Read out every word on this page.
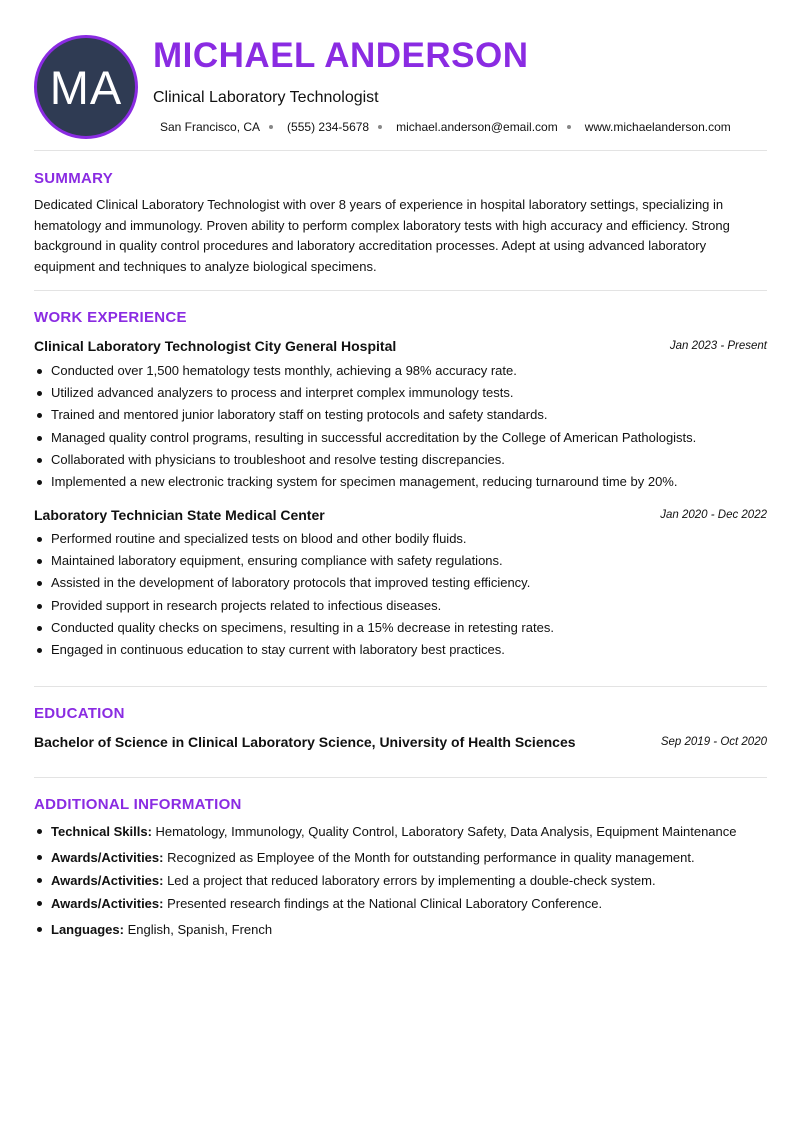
MA
MICHAEL ANDERSON
Clinical Laboratory Technologist
San Francisco, CA (555) 234-5678 michael.anderson@email.com www.michaelanderson.com
SUMMARY
Dedicated Clinical Laboratory Technologist with over 8 years of experience in hospital laboratory settings, specializing in hematology and immunology. Proven ability to perform complex laboratory tests with high accuracy and efficiency. Strong background in quality control procedures and laboratory accreditation processes. Adept at using advanced laboratory equipment and techniques to analyze biological specimens.
WORK EXPERIENCE
Clinical Laboratory Technologist City General Hospital	Jan 2023 - Present
Conducted over 1,500 hematology tests monthly, achieving a 98% accuracy rate.
Utilized advanced analyzers to process and interpret complex immunology tests.
Trained and mentored junior laboratory staff on testing protocols and safety standards.
Managed quality control programs, resulting in successful accreditation by the College of American Pathologists.
Collaborated with physicians to troubleshoot and resolve testing discrepancies.
Implemented a new electronic tracking system for specimen management, reducing turnaround time by 20%.
Laboratory Technician State Medical Center	Jan 2020 - Dec 2022
Performed routine and specialized tests on blood and other bodily fluids.
Maintained laboratory equipment, ensuring compliance with safety regulations.
Assisted in the development of laboratory protocols that improved testing efficiency.
Provided support in research projects related to infectious diseases.
Conducted quality checks on specimens, resulting in a 15% decrease in retesting rates.
Engaged in continuous education to stay current with laboratory best practices.
EDUCATION
Bachelor of Science in Clinical Laboratory Science, University of Health Sciences	Sep 2019 - Oct 2020
ADDITIONAL INFORMATION
Technical Skills: Hematology, Immunology, Quality Control, Laboratory Safety, Data Analysis, Equipment Maintenance
Awards/Activities: Recognized as Employee of the Month for outstanding performance in quality management.
Awards/Activities: Led a project that reduced laboratory errors by implementing a double-check system.
Awards/Activities: Presented research findings at the National Clinical Laboratory Conference.
Languages: English, Spanish, French
